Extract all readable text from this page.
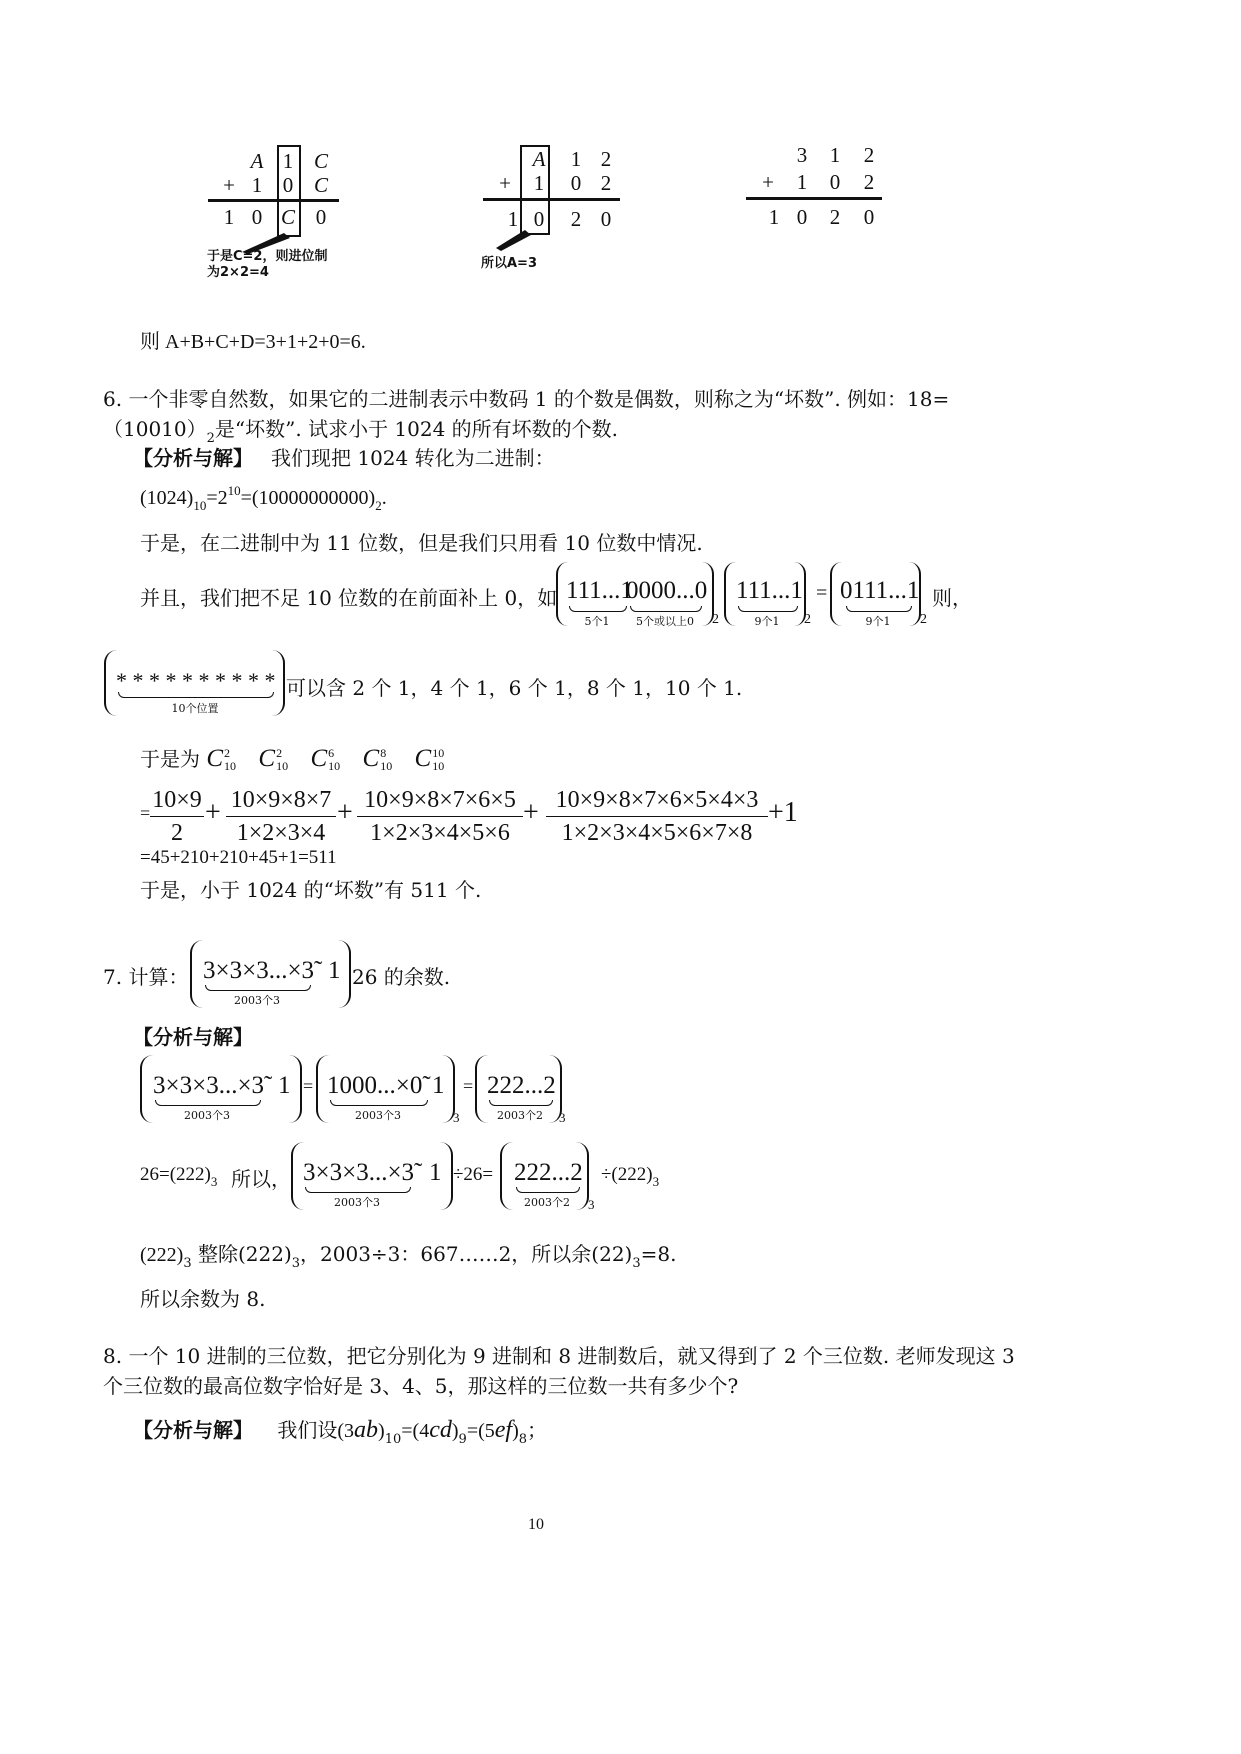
A 1 C
+ 1 0 C
1 0 C 0
于是C=2，则进位制
为2×2=4
A 1 2
+ 1 0 2
1 0 2 0
所以A=3
3 1 2
+ 1 0 2
1 0 2 0
则 A+B+C+D=3+1+2+0=6.
6. 一个非零自然数，如果它的二进制表示中数码 1 的个数是偶数，则称之为“坏数”. 例如：18=
$(10010)_2$是“坏数”. 试求小于 1024 的所有坏数的个数.
【分析与解】 我们现把 1024 转化为二进制：
$(1024)_{10}=2^{10}=(10000000000)_2$.
于是，在二进制中为 11 位数，但是我们只用看 10 位数中情况.
并且，我们把不足 10 位数的在前面补上 0，如 111...1
5个1
0000...0
5个或以上0	2
111...1
9个1	2
= 0111...1
9个1	2
则，
* * * * * * * * * *
10个位置
可以含 2 个 1，4 个 1，6 个 1，8 个 1，10 个 1.
于是为 C2
10 C2
10 C6
10 C8
10 C10
10
= $\frac{10\times 9}{2} + \frac{10\times 9\times 8\times 7}{1\times 2\times 3\times 4} + \frac{10\times 9\times 8\times 7\times 6\times 5}{1\times 2\times 3\times 4\times 5\times 6} + \frac{10\times 9\times 8\times 7\times 6\times 5\times 4\times 3}{1\times 2\times 3\times 4\times 5\times 6\times 7\times 8} +1$
=45+210+210+45+1=511
于是，小于 1024 的“坏数”有 511 个.
7. 计算： 3×3×3...×3̃
2003个3
1 26 的余数.
【分析与解】
3×3×3...×3̃
2003个3
1 = 1000...×0̃
2003个3
1
3
= 222...2
2003个2	3
$26=(222)_3$ 所以， 3×3×3...×3̃
2003个3
1 ÷26= 222...2
2003个2	3
$\div(222)_3$
$(222)_3$ 整除$(222)_3$，2003÷3：667……2，所以余$(22)_3=8$.
所以余数为 8.
8. 一个 10 进制的三位数，把它分别化为 9 进制和 8 进制数后，就又得到了 2 个三位数. 老师发现这 3
个三位数的最高位数字恰好是 3、4、5，那这样的三位数一共有多少个?
【分析与解】 我们设$(3ab)_{10}=(4cd)_9=(5ef)_8$；
10
